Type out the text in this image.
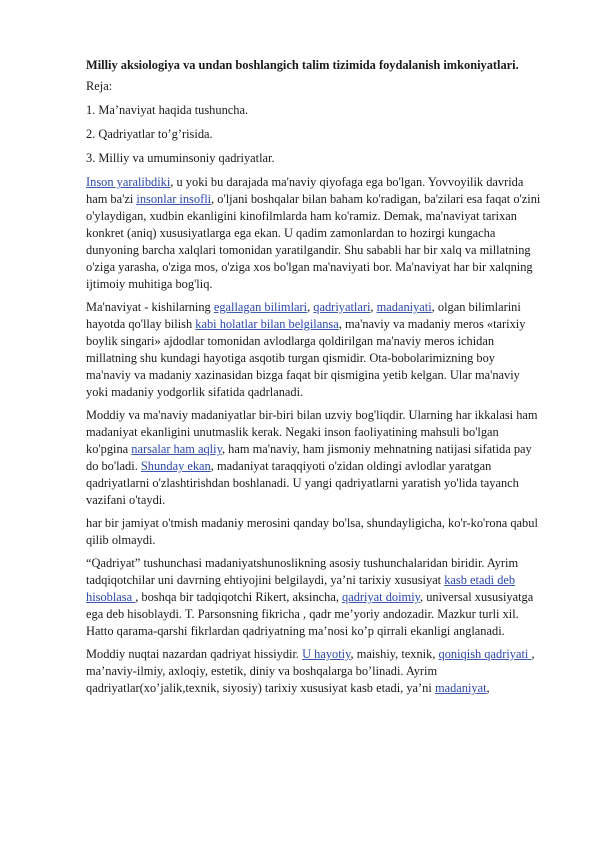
Milliy aksiologiya va undan boshlangich talim tizimida foydalanish imkoniyatlari.
Reja:
1. Ma’naviyat haqida tushuncha.
2. Qadriyatlar to’g’risida.
3. Milliy va umuminsoniy qadriyatlar.

Inson yaralibdiki, u yoki bu darajada ma'naviy qiyofaga ega bo'lgan. Yovvoyilik davrida ham ba'zi insonlar insofli, o'ljani boshqalar bilan baham ko'radigan, ba'zilari esa faqat o'zini o'ylaydigan, xudbin ekanligini kinofilmlarda ham ko'ramiz. Demak, ma'naviyat tarixan konkret (aniq) xususiyatlarga ega ekan. U qadim zamonlardan to hozirgi kungacha dunyoning barcha xalqlari tomonidan yaratilgandir. Shu sababli har bir xalq va millatning o'ziga yarasha, o'ziga mos, o'ziga xos bo'lgan ma'naviyati bor. Ma'naviyat har bir xalqning ijtimoiy muhitiga bog'liq.

Ma'naviyat - kishilarning egallagan bilimlari, qadriyatlari, madaniyati, olgan bilimlarini hayotda qo'llay bilish kabi holatlar bilan belgilansa, ma'naviy va madaniy meros «tarixiy boylik singari» ajdodlar tomonidan avlodlarga qoldirilgan ma'naviy meros ichidan millatning shu kundagi hayotiga asqotib turgan qismidir. Ota-bobolarimizning boy ma'naviy va madaniy xazinasidan bizga faqat bir qismigina yetib kelgan. Ular ma'naviy yoki madaniy yodgorlik sifatida qadrlanadi.

Moddiy va ma'naviy madaniyatlar bir-biri bilan uzviy bog'liqdir. Ularning har ikkalasi ham madaniyat ekanligini unutmaslik kerak. Negaki inson faoliyatining mahsuli bo'lgan ko'pgina narsalar ham aqliy, ham ma'naviy, ham jismoniy mehnatning natijasi sifatida pay do bo'ladi. Shunday ekan, madaniyat taraqqiyoti o'zidan oldingi avlodlar yaratgan qadriyatlarni o'zlashtirishdan boshlanadi. U yangi qadriyatlarni yaratish yo'lida tayanch vazifani o'taydi.

har bir jamiyat o'tmish madaniy merosini qanday bo'lsa, shundayligicha, ko'r-ko'rona qabul qilib olmaydi.

“Qadriyat” tushunchasi madaniyatshunoslikning asosiy tushunchalaridan biridir. Ayrim tadqiqotchilar uni davrning ehtiyojini belgilaydi, ya’ni tarixiy xususiyat kasb etadi deb hisoblasa , boshqa bir tadqiqotchi Rikert, aksincha, qadriyat doimiy, universal xususiyatga ega deb hisoblaydi. T. Parsonsning fikricha , qadr me’yoriy andozadir. Mazkur turli xil. Hatto qarama-qarshi fikrlardan qadriyatning ma’nosi ko’p qirrali ekanligi anglanadi.

Moddiy nuqtai nazardan qadriyat hissiydir. U hayotiy, maishiy, texnik, qoniqish qadriyati , ma’naviy-ilmiy, axloqiy, estetik, diniy va boshqalarga bo’linadi. Ayrim qadriyatlar(xo’jalik,texnik, siyosiy) tarixiy xususiyat kasb etadi, ya’ni madaniyat,
